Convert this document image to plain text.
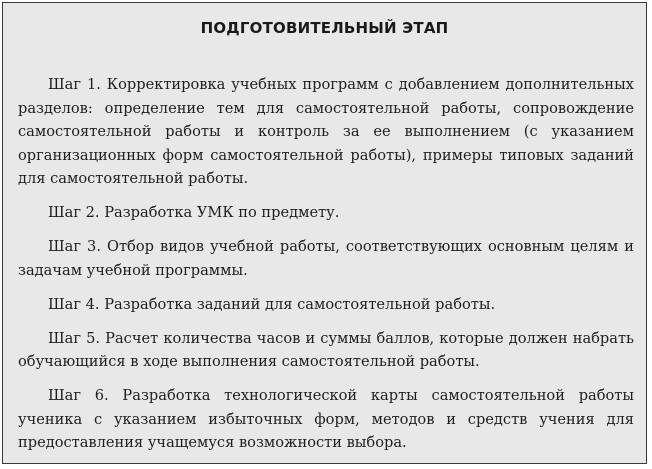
ПОДГОТОВИТЕЛЬНЫЙ ЭТАП

Шаг 1. Корректировка учебных программ с добавлением дополнительных разделов: определение тем для самостоятельной работы, сопровождение самостоятельной работы и контроль за ее выполнением (с указанием организационных форм самостоятельной работы), примеры типовых заданий для самостоятельной работы.

Шаг 2. Разработка УМК по предмету.

Шаг 3. Отбор видов учебной работы, соответствующих основным целям и задачам учебной программы.

Шаг 4. Разработка заданий для самостоятельной работы.

Шаг 5. Расчет количества часов и суммы баллов, которые должен набрать обучающийся в ходе выполнения самостоятельной работы.

Шаг 6. Разработка технологической карты самостоятельной работы ученика с указанием избыточных форм, методов и средств учения для предоставления учащемуся возможности выбора.
